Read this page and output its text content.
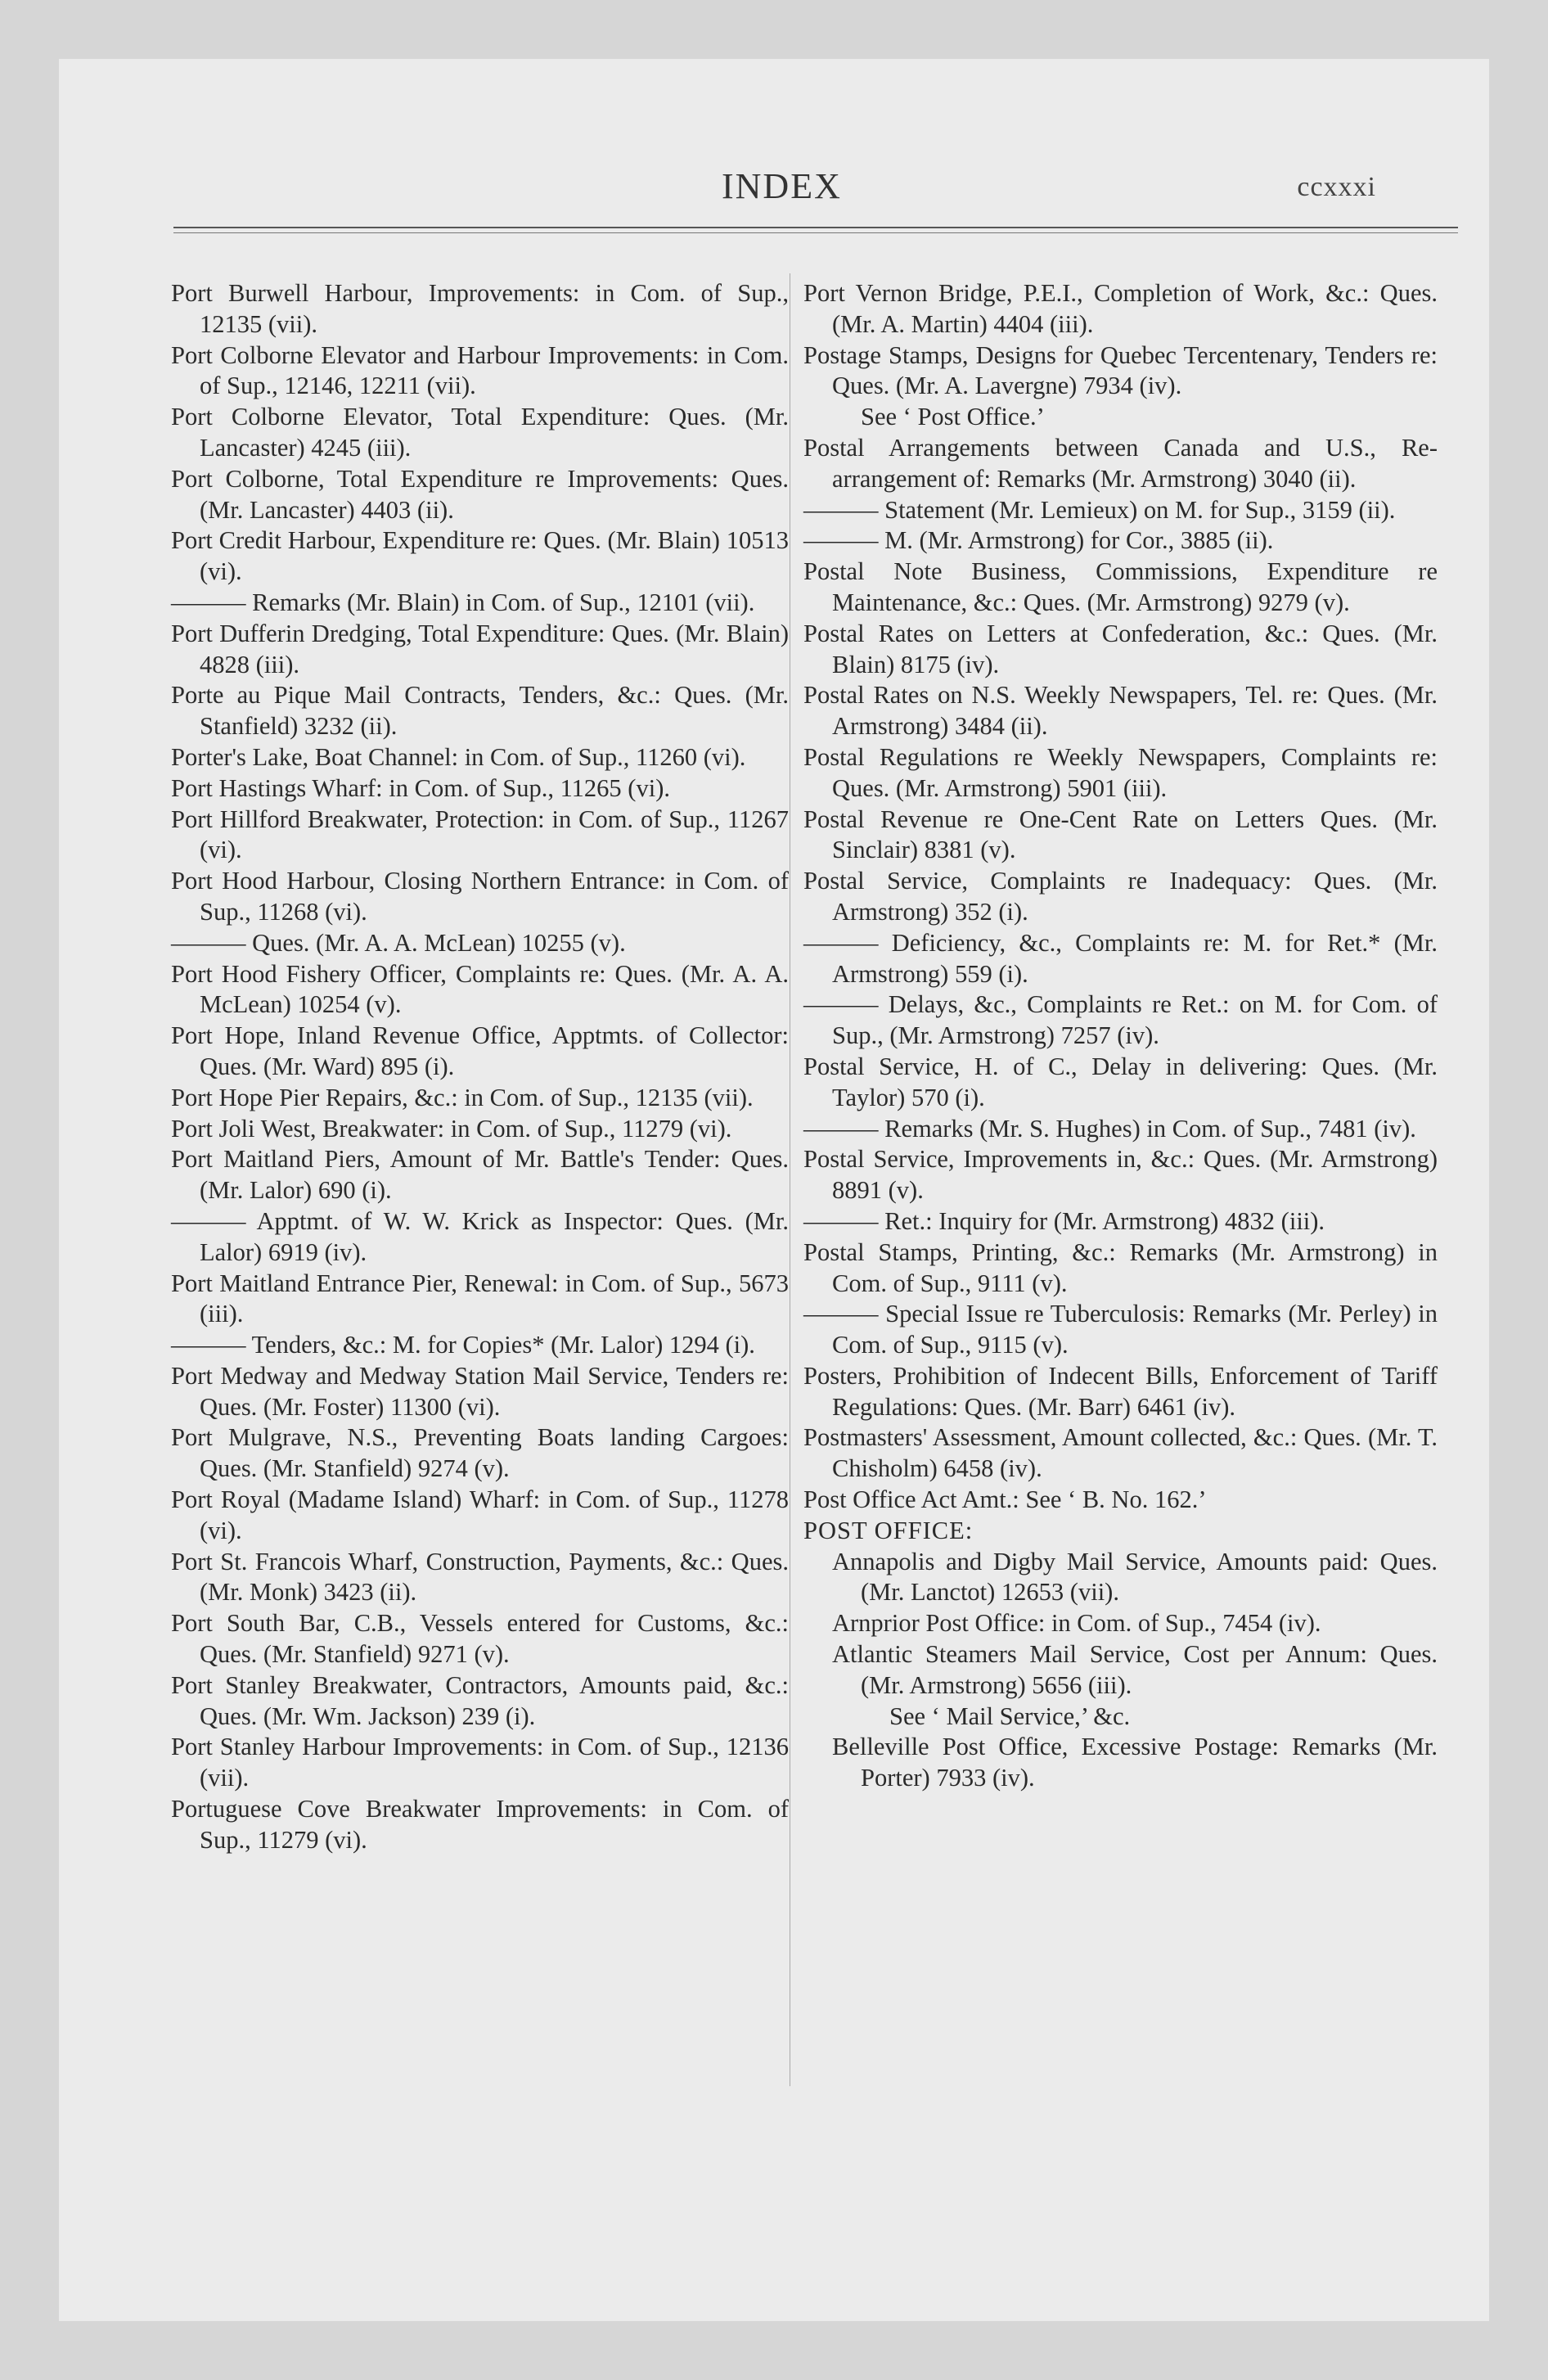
INDEX	ccxxxi

Port Burwell Harbour, Improvements: in Com. of Sup., 12135 (vii).

Port Colborne Elevator and Harbour Improvements: in Com. of Sup., 12146, 12211 (vii).

Port Colborne Elevator, Total Expenditure: Ques. (Mr. Lancaster) 4245 (iii).

Port Colborne, Total Expenditure re Improvements: Ques. (Mr. Lancaster) 4403 (ii).

Port Credit Harbour, Expenditure re: Ques. (Mr. Blain) 10513 (vi).

——— Remarks (Mr. Blain) in Com. of Sup., 12101 (vii).

Port Dufferin Dredging, Total Expenditure: Ques. (Mr. Blain) 4828 (iii).

Porte au Pique Mail Contracts, Tenders, &c.: Ques. (Mr. Stanfield) 3232 (ii).

Porter's Lake, Boat Channel: in Com. of Sup., 11260 (vi).

Port Hastings Wharf: in Com. of Sup., 11265 (vi).

Port Hillford Breakwater, Protection: in Com. of Sup., 11267 (vi).

Port Hood Harbour, Closing Northern Entrance: in Com. of Sup., 11268 (vi).

——— Ques. (Mr. A. A. McLean) 10255 (v).

Port Hood Fishery Officer, Complaints re: Ques. (Mr. A. A. McLean) 10254 (v).

Port Hope, Inland Revenue Office, Apptmts. of Collector: Ques. (Mr. Ward) 895 (i).

Port Hope Pier Repairs, &c.: in Com. of Sup., 12135 (vii).

Port Joli West, Breakwater: in Com. of Sup., 11279 (vi).

Port Maitland Piers, Amount of Mr. Battle's Tender: Ques. (Mr. Lalor) 690 (i).

——— Apptmt. of W. W. Krick as Inspector: Ques. (Mr. Lalor) 6919 (iv).

Port Maitland Entrance Pier, Renewal: in Com. of Sup., 5673 (iii).

——— Tenders, &c.: M. for Copies* (Mr. Lalor) 1294 (i).

Port Medway and Medway Station Mail Service, Tenders re: Ques. (Mr. Foster) 11300 (vi).

Port Mulgrave, N.S., Preventing Boats landing Cargoes: Ques. (Mr. Stanfield) 9274 (v).

Port Royal (Madame Island) Wharf: in Com. of Sup., 11278 (vi).

Port St. Francois Wharf, Construction, Payments, &c.: Ques. (Mr. Monk) 3423 (ii).

Port South Bar, C.B., Vessels entered for Customs, &c.: Ques. (Mr. Stanfield) 9271 (v).

Port Stanley Breakwater, Contractors, Amounts paid, &c.: Ques. (Mr. Wm. Jackson) 239 (i).

Port Stanley Harbour Improvements: in Com. of Sup., 12136 (vii).

Portuguese Cove Breakwater Improvements: in Com. of Sup., 11279 (vi).

Port Vernon Bridge, P.E.I., Completion of Work, &c.: Ques. (Mr. A. Martin) 4404 (iii).

Postage Stamps, Designs for Quebec Tercentenary, Tenders re: Ques. (Mr. A. Lavergne) 7934 (iv).

See ‘ Post Office.’

Postal Arrangements between Canada and U.S., Re-arrangement of: Remarks (Mr. Armstrong) 3040 (ii).

——— Statement (Mr. Lemieux) on M. for Sup., 3159 (ii).

——— M. (Mr. Armstrong) for Cor., 3885 (ii).

Postal Note Business, Commissions, Expenditure re Maintenance, &c.: Ques. (Mr. Armstrong) 9279 (v).

Postal Rates on Letters at Confederation, &c.: Ques. (Mr. Blain) 8175 (iv).

Postal Rates on N.S. Weekly Newspapers, Tel. re: Ques. (Mr. Armstrong) 3484 (ii).

Postal Regulations re Weekly Newspapers, Complaints re: Ques. (Mr. Armstrong) 5901 (iii).

Postal Revenue re One-Cent Rate on Letters Ques. (Mr. Sinclair) 8381 (v).

Postal Service, Complaints re Inadequacy: Ques. (Mr. Armstrong) 352 (i).

——— Deficiency, &c., Complaints re: M. for Ret.* (Mr. Armstrong) 559 (i).

——— Delays, &c., Complaints re Ret.: on M. for Com. of Sup., (Mr. Armstrong) 7257 (iv).

Postal Service, H. of C., Delay in delivering: Ques. (Mr. Taylor) 570 (i).

——— Remarks (Mr. S. Hughes) in Com. of Sup., 7481 (iv).

Postal Service, Improvements in, &c.: Ques. (Mr. Armstrong) 8891 (v).

——— Ret.: Inquiry for (Mr. Armstrong) 4832 (iii).

Postal Stamps, Printing, &c.: Remarks (Mr. Armstrong) in Com. of Sup., 9111 (v).

——— Special Issue re Tuberculosis: Remarks (Mr. Perley) in Com. of Sup., 9115 (v).

Posters, Prohibition of Indecent Bills, Enforcement of Tariff Regulations: Ques. (Mr. Barr) 6461 (iv).

Postmasters' Assessment, Amount collected, &c.: Ques. (Mr. T. Chisholm) 6458 (iv).

Post Office Act Amt.: See ‘ B. No. 162.’

POST OFFICE:

Annapolis and Digby Mail Service, Amounts paid: Ques. (Mr. Lanctot) 12653 (vii).

Arnprior Post Office: in Com. of Sup., 7454 (iv).

Atlantic Steamers Mail Service, Cost per Annum: Ques. (Mr. Armstrong) 5656 (iii).

See ‘ Mail Service,’ &c.

Belleville Post Office, Excessive Postage: Remarks (Mr. Porter) 7933 (iv).
